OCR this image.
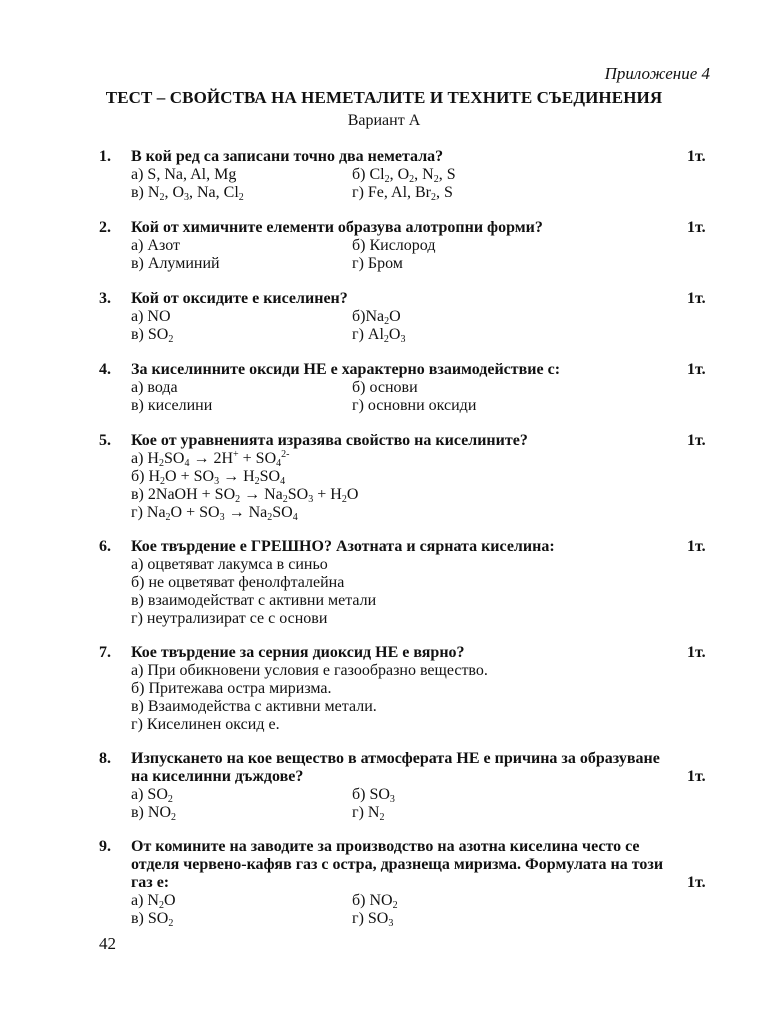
Приложение 4
ТЕСТ – СВОЙСТВА НА НЕМЕТАЛИТЕ И ТЕХНИТЕ СЪЕДИНЕНИЯ
Вариант А
1. В кой ред са записани точно два неметала?	1т.
а) S, Na, Al, Mg	б) $Cl_2$, $O_2$, $N_2$, S
в) $N_2$, $O_3$, Na, $Cl_2$	г) Fe, Al, $Br_2$, S
2. Кой от химичните елементи образува алотропни форми?	1т.
а) Азот	б) Кислород
в) Алуминий	г) Бром
3. Кой от оксидите е киселинен?	1т.
а) NO	$б)Na_2O$
в) $SO_2$	г) $Al_2O_3$
4. За киселинните оксиди НЕ е характерно взаимодействие с:	1т.
а) вода	б) основи
в) киселини	г) основни оксиди
5. Кое от уравненията изразява свойство на киселините?	1т.
а) $H_2SO_4 \to 2H^+ + SO_4^{2-}$
б) $H_2O + SO_3 \to H_2SO_4$
в) 2NaOH + $SO_2 \to Na_2SO_3 + H_2O$
г) $Na_2O + SO_3 \to Na_2SO_4$
6. Кое твърдение е ГРЕШНО? Азотната и сярната киселина:	1т.
а) оцветяват лакумса в синьо
б) не оцветяват фенолфталейна
в) взаимодействат с активни метали
г) неутрализират се с основи
7. Кое твърдение за серния диоксид НЕ е вярно?	1т.
а) При обикновени условия е газообразно вещество.
б) Притежава остра миризма.
в) Взаимодейства с активни метали.
г) Киселинен оксид е.
8. Изпускането на кое вещество в атмосферата НЕ е причина за образуване на киселинни дъждове?	1т.
а) $SO_2$	б) $SO_3$
в) $NO_2$	г) $N_2$
9. От комините на заводите за производство на азотна киселина често се отделя червено-кафяв газ с остра, дразнеща миризма. Формулата на този газ е:	1т.
а) $N_2O$	б) $NO_2$
в) $SO_2$	г) $SO_3$
42
